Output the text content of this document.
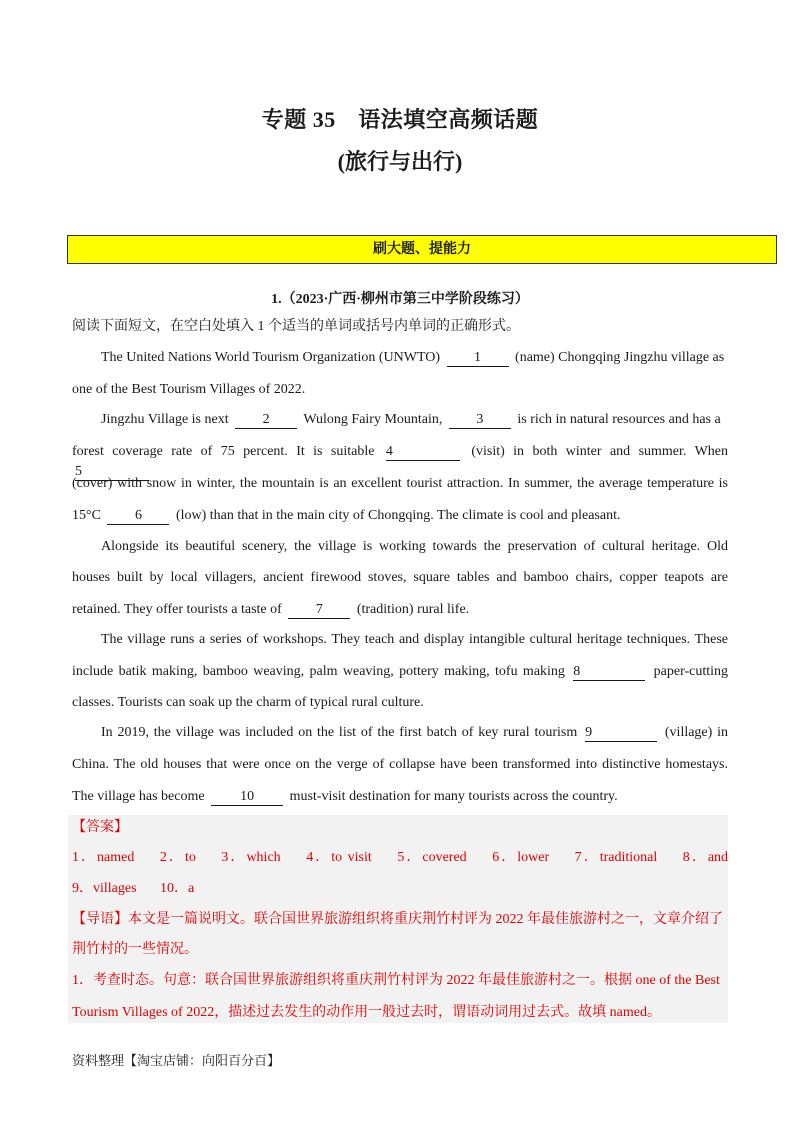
专题 35　语法填空高频话题
(旅行与出行)
刷大题、提能力
1.（2023·广西·柳州市第三中学阶段练习）
阅读下面短文，在空白处填入 1 个适当的单词或括号内单词的正确形式。
The United Nations World Tourism Organization (UNWTO) 1 (name) Chongqing Jingzhu village as
one of the Best Tourism Villages of 2022.
Jingzhu Village is next 2 Wulong Fairy Mountain, 3 is rich in natural resources and has a
forest coverage rate of 75 percent. It is suitable 4	(visit) in both winter and summer. When 5
(cover) with snow in winter, the mountain is an excellent tourist attraction. In summer, the average temperature is
15°C 6 (low) than that in the main city of Chongqing. The climate is cool and pleasant.
Alongside its beautiful scenery, the village is working towards the preservation of cultural heritage. Old
houses built by local villagers, ancient firewood stoves, square tables and bamboo chairs, copper teapots are
retained. They offer tourists a taste of 7 (tradition) rural life.
The village runs a series of workshops. They teach and display intangible cultural heritage techniques. These
include batik making, bamboo weaving, palm weaving, pottery making, tofu making 8	paper-cutting
classes. Tourists can soak up the charm of typical rural culture.
In 2019, the village was included on the list of the first batch of key rural tourism 9	(village) in
China. The old houses that were once on the verge of collapse have been transformed into distinctive homestays.
The village has become	10	must-visit destination for many tourists across the country.
【答案】
1．named 2．to 3．which 4．to visit 5．covered 6．lower 7．traditional 8．and
9．villages 10．a
【导语】本文是一篇说明文。联合国世界旅游组织将重庆荆竹村评为 2022 年最佳旅游村之一，文章介绍了
荆竹村的一些情况。
1．考查时态。句意：联合国世界旅游组织将重庆荆竹村评为 2022 年最佳旅游村之一。根据 one of the Best
Tourism Villages of 2022，描述过去发生的动作用一般过去时，谓语动词用过去式。故填 named。
资料整理【淘宝店铺：向阳百分百】
